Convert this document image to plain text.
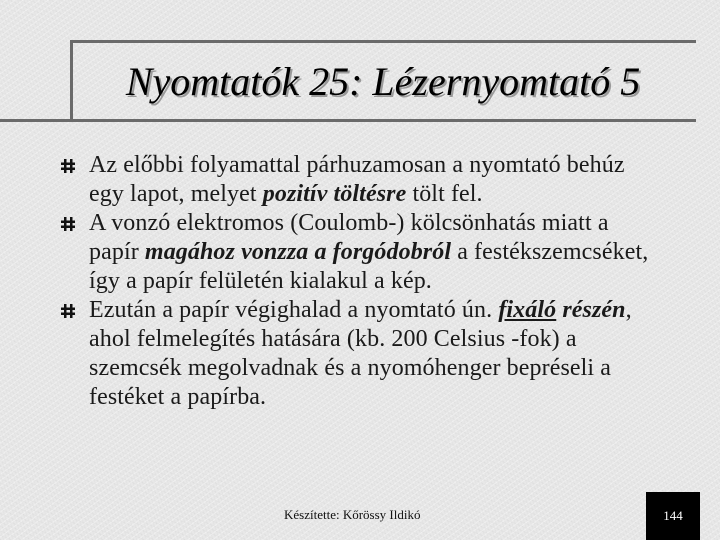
Nyomtatók 25: Lézernyomtató 5
Az előbbi folyamattal párhuzamosan a nyomtató behúz egy lapot, melyet pozitív töltésre tölt fel.
A vonzó elektromos (Coulomb-) kölcsönhatás miatt a papír magához vonzza a forgódobról a festékszemcséket, így a papír felületén kialakul a kép.
Ezután a papír végighalad a nyomtató ún. fixáló részén, ahol felmelegítés hatására (kb. 200 Celsius -fok) a szemcsék megolvadnak és a nyomóhenger bepréseli a festéket a papírba.
Készítette: Kőrössy Ildikó	144
